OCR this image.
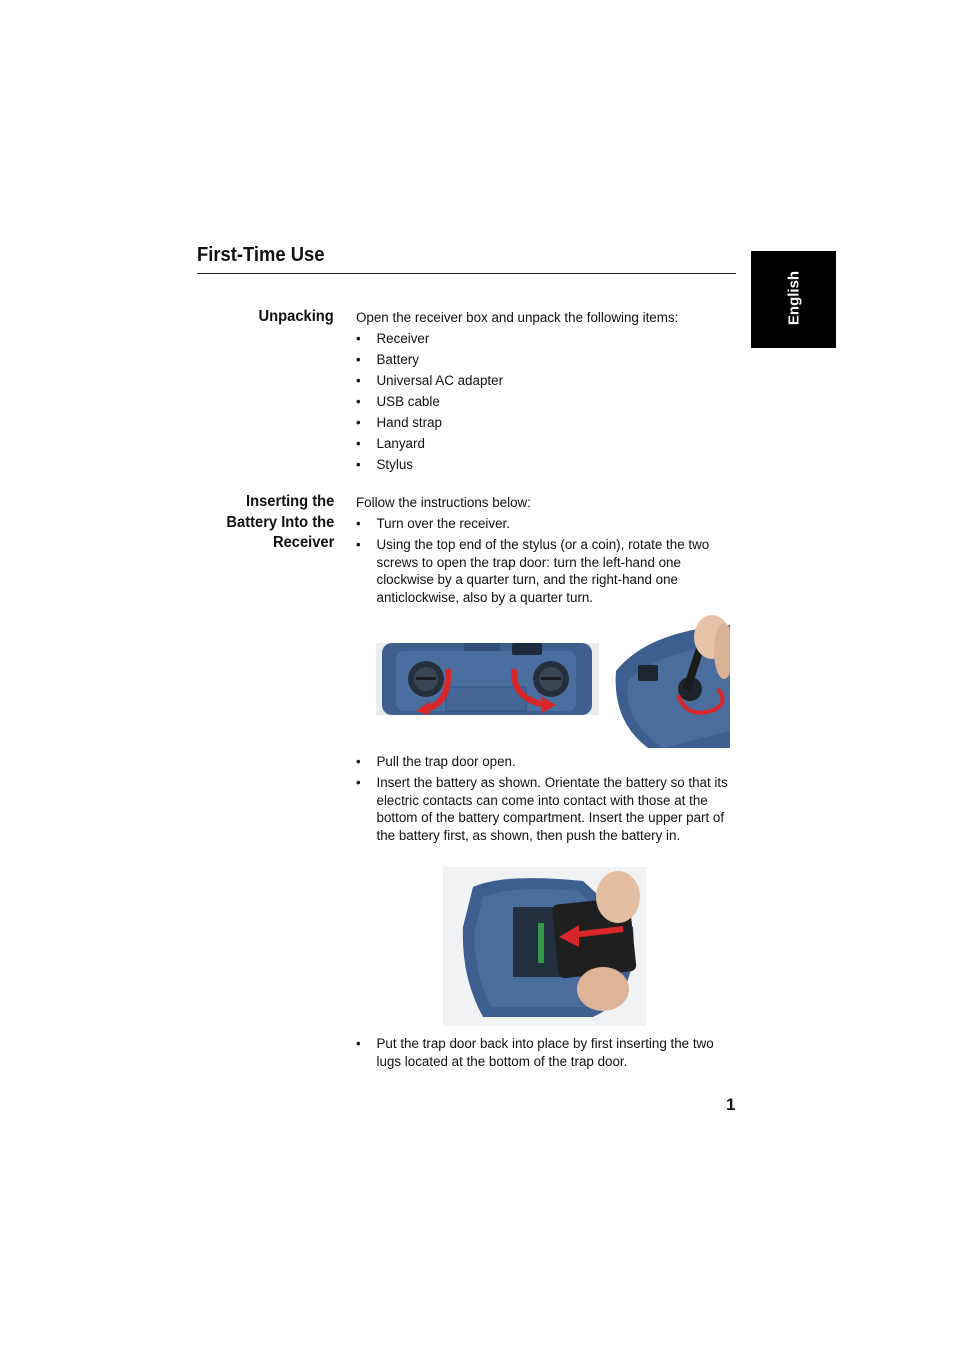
First-Time Use
English
Unpacking Open the receiver box and unpack the following items:
• Receiver
• Battery
• Universal AC adapter
• USB cable
• Hand strap
• Lanyard
• Stylus
Inserting the
Battery Into the
Receiver
Follow the instructions below:
• Turn over the receiver.
• Using the top end of the stylus (or a coin), rotate the two screws to open the trap door: turn the left-hand one clockwise by a quarter turn, and the right-hand one anticlockwise, also by a quarter turn.
• Pull the trap door open.
• Insert the battery as shown. Orientate the battery so that its electric contacts can come into contact with those at the bottom of the battery compartment. Insert the upper part of the battery first, as shown, then push the battery in.
• Put the trap door back into place by first inserting the two lugs located at the bottom of the trap door.
1
